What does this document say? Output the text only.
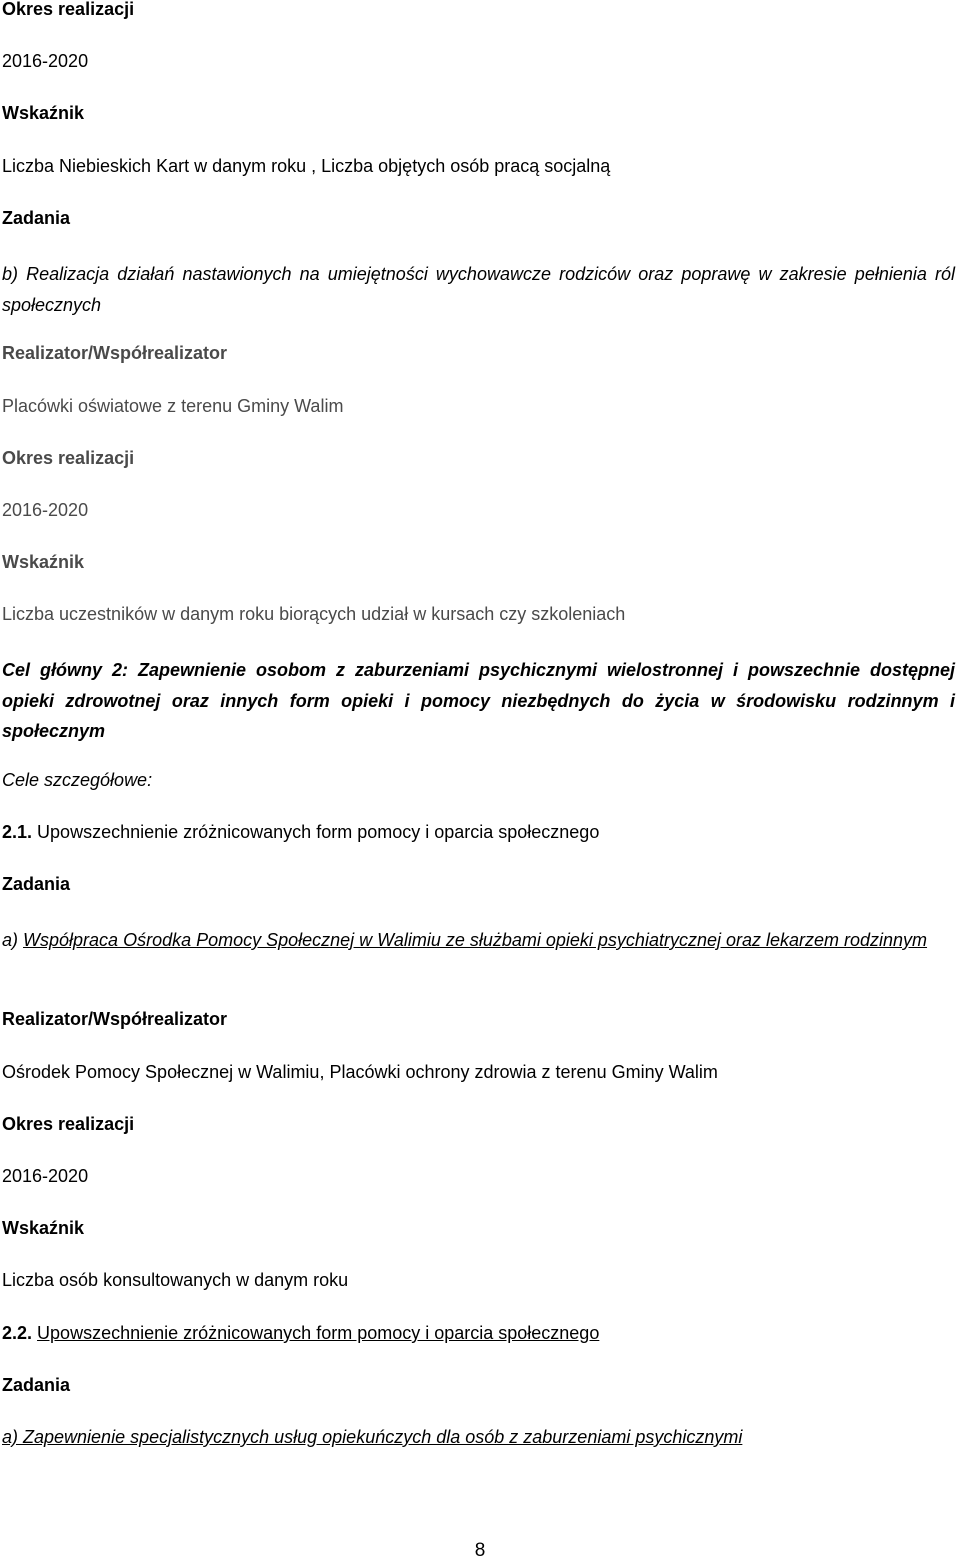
Okres realizacji

2016-2020

Wskaźnik

Liczba Niebieskich Kart w danym roku , Liczba objętych osób pracą socjalną

Zadania

b) Realizacja działań nastawionych na umiejętności wychowawcze rodziców oraz poprawę w zakresie pełnienia ról społecznych

Realizator/Współrealizator

Placówki oświatowe z terenu Gminy Walim

Okres realizacji

2016-2020

Wskaźnik

Liczba uczestników w danym roku biorących udział w kursach czy szkoleniach

Cel główny 2: Zapewnienie osobom z zaburzeniami psychicznymi wielostronnej i powszechnie dostępnej opieki zdrowotnej oraz innych form opieki i pomocy niezbędnych do życia w środowisku rodzinnym i społecznym

Cele szczegółowe:

2.1. Upowszechnienie zróżnicowanych form pomocy i oparcia społecznego

Zadania

a) Współpraca Ośrodka Pomocy Społecznej w Walimiu ze służbami opieki psychiatrycznej oraz lekarzem rodzinnym

Realizator/Współrealizator

Ośrodek Pomocy Społecznej w Walimiu, Placówki ochrony zdrowia z terenu Gminy Walim

Okres realizacji

2016-2020

Wskaźnik

Liczba osób konsultowanych w danym roku

2.2. Upowszechnienie zróżnicowanych form pomocy i oparcia społecznego

Zadania

a) Zapewnienie specjalistycznych usług opiekuńczych dla osób z zaburzeniami psychicznymi

8
